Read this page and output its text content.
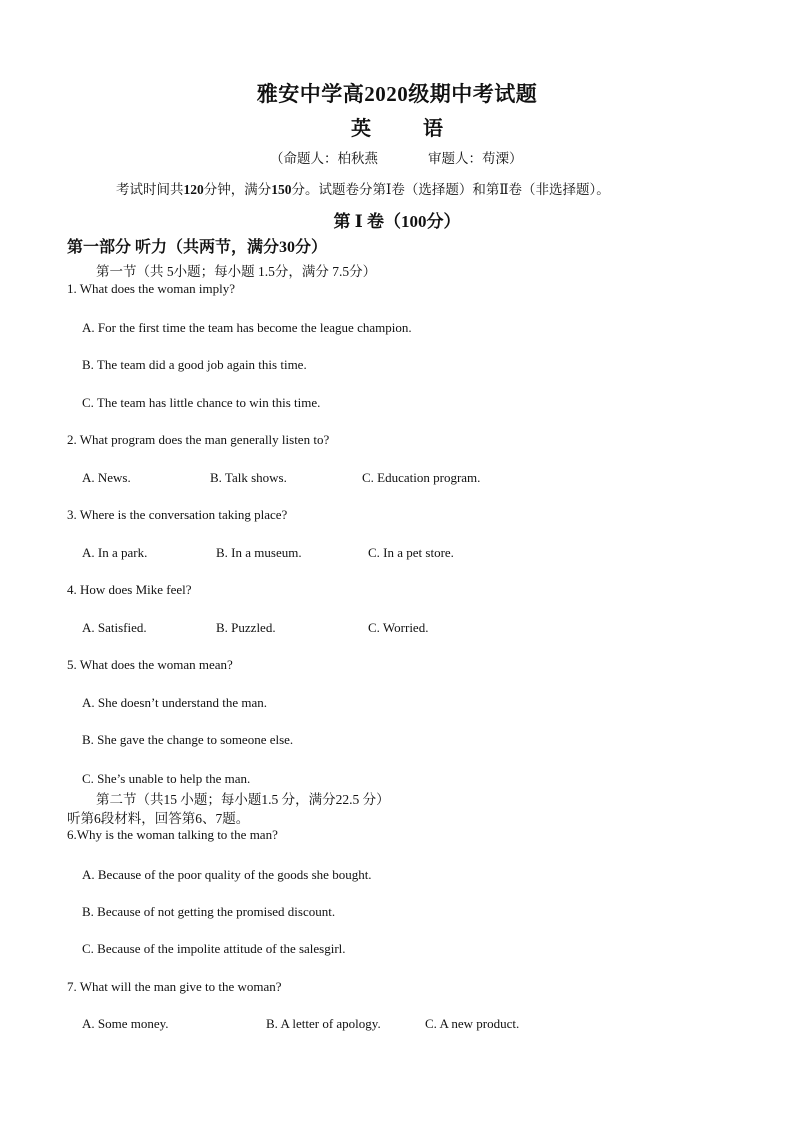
雅安中学高2020级期中考试题
英	语
（命题人：柏秋燕	审题人：苟溧）
考试时间共120分钟，满分150分。试题卷分第Ⅰ卷（选择题）和第Ⅱ卷（非选择题）。
第 Ⅰ 卷（100分）
第一部分 听力（共两节，满分30分）
第一节（共 5小题；每小题 1.5分，满分 7.5分）
1. What does the woman imply?
A. For the first time the team has become the league champion.
B. The team did a good job again this time.
C. The team has little chance to win this time.
2. What program does the man generally listen to?
A. News.	B. Talk shows.	C. Education program.
3. Where is the conversation taking place?
A. In a park.	B. In a museum.	C. In a pet store.
4. How does Mike feel?
A. Satisfied.	B. Puzzled.	C. Worried.
5. What does the woman mean?
A. She doesn’t understand the man.
B. She gave the change to someone else.
C. She’s unable to help the man.
第二节（共15 小题；每小题1.5 分，满分22.5 分）
听第6段材料，回答第6、7题。
6.Why is the woman talking to the man?
A. Because of the poor quality of the goods she bought.
B. Because of not getting the promised discount.
C. Because of the impolite attitude of the salesgirl.
7. What will the man give to the woman?
A. Some money.	B. A letter of apology.	C. A new product.
